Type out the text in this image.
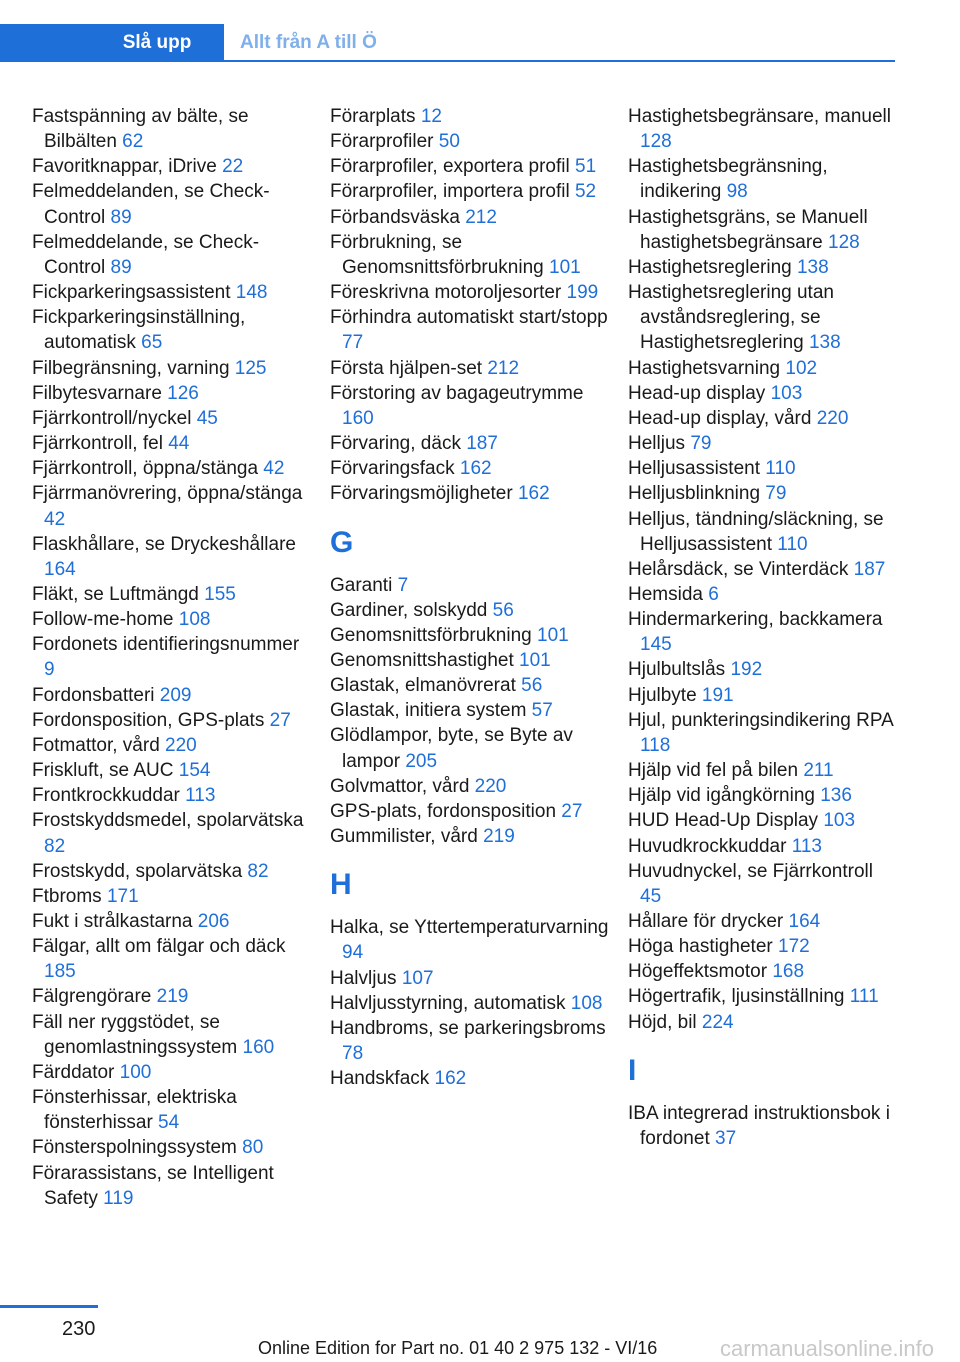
Slå upp	Allt från A till Ö
Fastspänning av bälte, se Bilbälten 62
Favoritknappar, iDrive 22
Felmeddelanden, se Check-Control 89
Felmeddelande, se Check-Control 89
Fickparkeringsassistent 148
Fickparkeringsinställning, automatisk 65
Filbegränsning, varning 125
Filbytesvarnare 126
Fjärrkontroll/nyckel 45
Fjärrkontroll, fel 44
Fjärrkontroll, öppna/stänga 42
Fjärrmanövrering, öppna/stänga 42
Flaskhållare, se Dryckeshållare 164
Fläkt, se Luftmängd 155
Follow-me-home 108
Fordonets identifieringsnummer 9
Fordonsbatteri 209
Fordonsposition, GPS-plats 27
Fotmattor, vård 220
Friskluft, se AUC 154
Frontkrockkuddar 113
Frostskyddsmedel, spolarvätska 82
Frostskydd, spolarvätska 82
Ftbroms 171
Fukt i strålkastarna 206
Fälgar, allt om fälgar och däck 185
Fälgrengörare 219
Fäll ner ryggstödet, se genomlastningssystem 160
Färddator 100
Fönsterhissar, elektriska fönsterhissar 54
Fönsterspolningssystem 80
Förarassistans, se Intelligent Safety 119
Förarplats 12
Förarprofiler 50
Förarprofiler, exportera profil 51
Förarprofiler, importera profil 52
Förbandsväska 212
Förbrukning, se Genomsnittsförbrukning 101
Föreskrivna motoroljesorter 199
Förhindra automatiskt start/stopp 77
Första hjälpen-set 212
Förstoring av bagageutrymme 160
Förvaring, däck 187
Förvaringsfack 162
Förvaringsmöjligheter 162
G
Garanti 7
Gardiner, solskydd 56
Genomsnittsförbrukning 101
Genomsnittshastighet 101
Glastak, elmanövrerat 56
Glastak, initiera system 57
Glödlampor, byte, se Byte av lampor 205
Golvmattor, vård 220
GPS-plats, fordonsposition 27
Gummilister, vård 219
H
Halka, se Yttertemperaturvarning 94
Halvljus 107
Halvljusstyrning, automatisk 108
Handbroms, se parkeringsbroms 78
Handskfack 162
Hastighetsbegränsare, manuell 128
Hastighetsbegränsning, indikering 98
Hastighetsgräns, se Manuell hastighetsbegränsare 128
Hastighetsreglering 138
Hastighetsreglering utan avståndsreglering, se Hastighetsreglering 138
Hastighetsvarning 102
Head-up display 103
Head-up display, vård 220
Helljus 79
Helljusassistent 110
Helljusblinkning 79
Helljus, tändning/släckning, se Helljusassistent 110
Helårsdäck, se Vinterdäck 187
Hemsida 6
Hindermarkering, backkamera 145
Hjulbultslås 192
Hjulbyte 191
Hjul, punkteringsindikering RPA 118
Hjälp vid fel på bilen 211
Hjälp vid igångkörning 136
HUD Head-Up Display 103
Huvudkrockkuddar 113
Huvudnyckel, se Fjärrkontroll 45
Hållare för drycker 164
Höga hastigheter 172
Högeffektsmotor 168
Högertrafik, ljusinställning 111
Höjd, bil 224
I
IBA integrerad instruktionsbok i fordonet 37
230
Online Edition for Part no. 01 40 2 975 132 - VI/16	carmanualsonline.info
